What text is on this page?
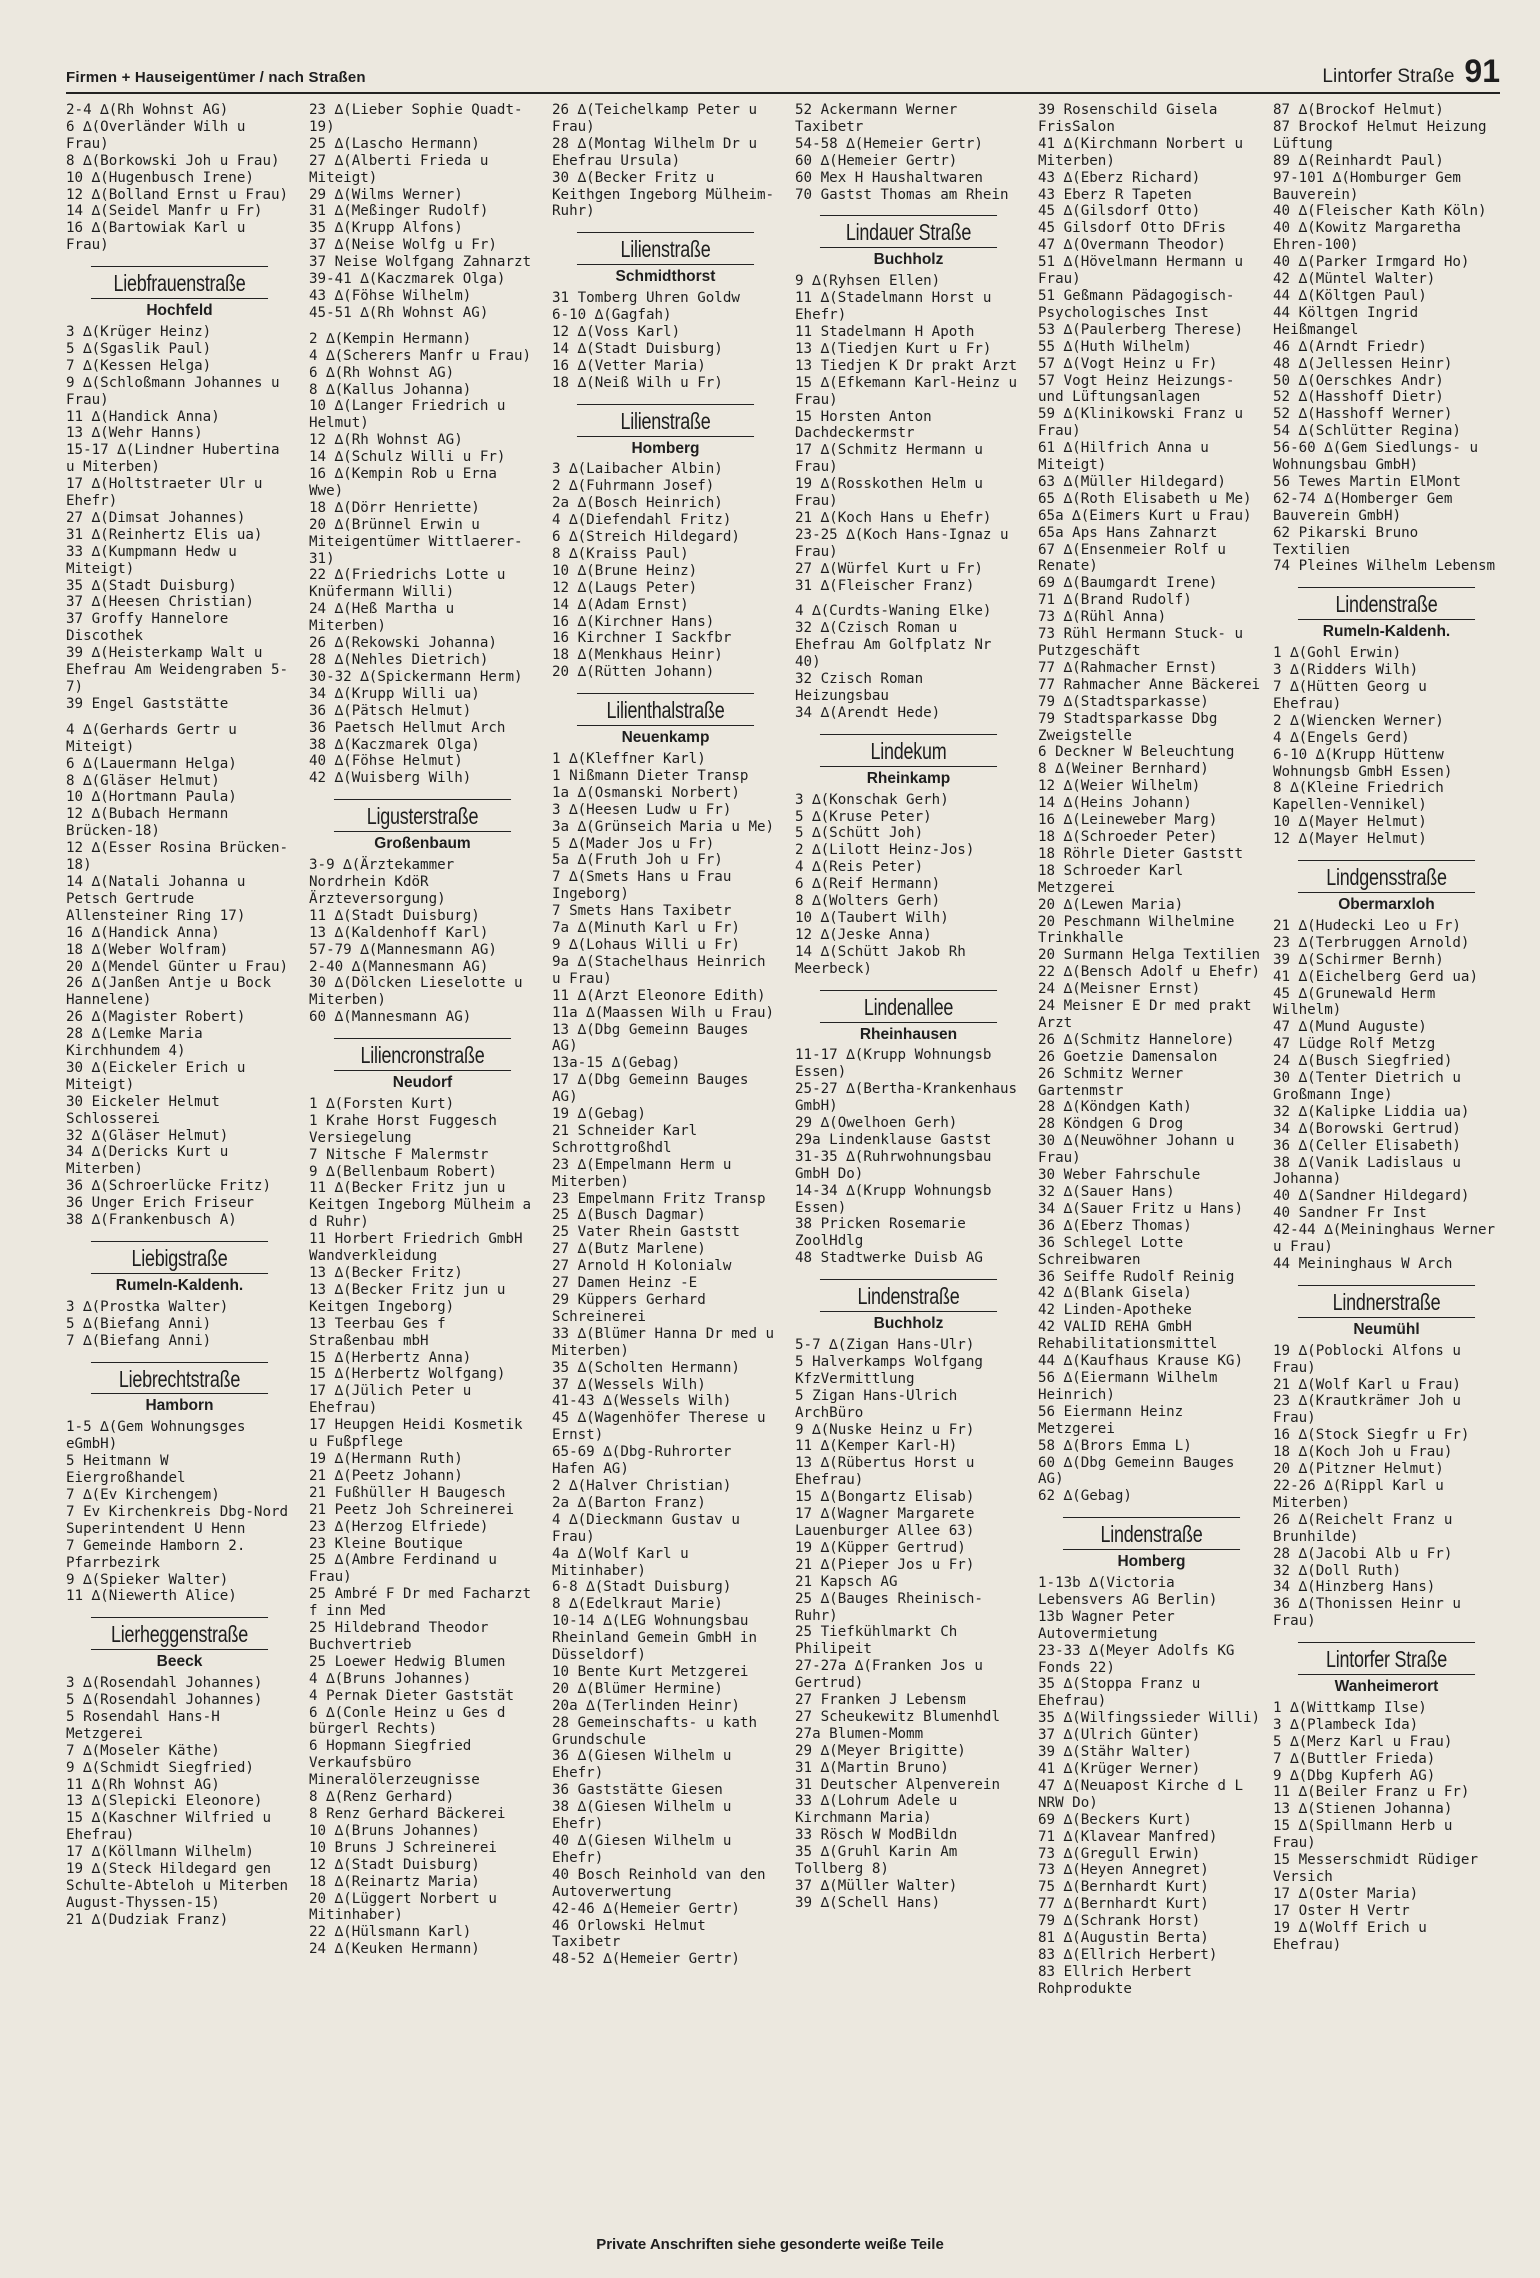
Firmen + Hauseigentümer / nach Straßen	Lintorfer Straße 91
2-4 ∆(Rh Wohnst AG)
6 ∆(Overländer Wilh u Frau)
8 ∆(Borkowski Joh u Frau)
10 ∆(Hugenbusch Irene)
12 ∆(Bolland Ernst u Frau)
14 ∆(Seidel Manfr u Fr)
16 ∆(Bartowiak Karl u Frau)
Liebfrauenstraße
Hochfeld
3 ∆(Krüger Heinz)
5 ∆(Sgaslik Paul)
7 ∆(Kessen Helga)
9 ∆(Schloßmann Johannes u Frau)
11 ∆(Handick Anna)
13 ∆(Wehr Hanns)
15-17 ∆(Lindner Hubertina u Miterben)
17 ∆(Holtstraeter Ulr u Ehefr)
27 ∆(Dimsat Johannes)
31 ∆(Reinhertz Elis ua)
33 ∆(Kumpmann Hedw u Miteigt)
35 ∆(Stadt Duisburg)
37 ∆(Heesen Christian)
37 Groffy Hannelore Discothek
39 ∆(Heisterkamp Walt u Ehefrau Am Weidengraben 5-7)
39 Engel Gaststätte
4 ∆(Gerhards Gertr u Miteigt)
6 ∆(Lauermann Helga)
8 ∆(Gläser Helmut)
10 ∆(Hortmann Paula)
12 ∆(Bubach Hermann Brücken-18)
12 ∆(Esser Rosina Brücken-18)
14 ∆(Natali Johanna u Petsch Gertrude Allensteiner Ring 17)
16 ∆(Handick Anna)
18 ∆(Weber Wolfram)
20 ∆(Mendel Günter u Frau)
26 ∆(Janßen Antje u Bock Hannelene)
26 ∆(Magister Robert)
28 ∆(Lemke Maria Kirchhundem 4)
30 ∆(Eickeler Erich u Miteigt)
30 Eickeler Helmut Schlosserei
32 ∆(Gläser Helmut)
34 ∆(Dericks Kurt u Miterben)
36 ∆(Schroerlücke Fritz)
36 Unger Erich Friseur
38 ∆(Frankenbusch A)
Liebigstraße
Rumeln-Kaldenh.
3 ∆(Prostka Walter)
5 ∆(Biefang Anni)
7 ∆(Biefang Anni)
Liebrechtstraße
Hamborn
1-5 ∆(Gem Wohnungsges eGmbH)
5 Heitmann W Eiergroßhandel
7 ∆(Ev Kirchengem)
7 Ev Kirchenkreis Dbg-Nord Superintendent U Henn
7 Gemeinde Hamborn 2. Pfarrbezirk
9 ∆(Spieker Walter)
11 ∆(Niewerth Alice)
Lierheggenstraße
Beeck
3 ∆(Rosendahl Johannes)
5 ∆(Rosendahl Johannes)
5 Rosendahl Hans-H Metzgerei
7 ∆(Moseler Käthe)
9 ∆(Schmidt Siegfried)
11 ∆(Rh Wohnst AG)
13 ∆(Slepicki Eleonore)
15 ∆(Kaschner Wilfried u Ehefrau)
17 ∆(Köllmann Wilhelm)
19 ∆(Steck Hildegard gen Schulte-Abteloh u Miterben August-Thyssen-15)
21 ∆(Dudziak Franz)
23 ∆(Lieber Sophie Quadt-19)
25 ∆(Lascho Hermann)
27 ∆(Alberti Frieda u Miteigt)
29 ∆(Wilms Werner)
31 ∆(Meßinger Rudolf)
35 ∆(Krupp Alfons)
37 ∆(Neise Wolfg u Fr)
37 Neise Wolfgang Zahnarzt
39-41 ∆(Kaczmarek Olga)
43 ∆(Föhse Wilhelm)
45-51 ∆(Rh Wohnst AG)
2 ∆(Kempin Hermann)
4 ∆(Scherers Manfr u Frau)
6 ∆(Rh Wohnst AG)
8 ∆(Kallus Johanna)
10 ∆(Langer Friedrich u Helmut)
12 ∆(Rh Wohnst AG)
14 ∆(Schulz Willi u Fr)
16 ∆(Kempin Rob u Erna Wwe)
18 ∆(Dörr Henriette)
20 ∆(Brünnel Erwin u Miteigentümer Wittlaerer-31)
22 ∆(Friedrichs Lotte u Knüfermann Willi)
24 ∆(Heß Martha u Miterben)
26 ∆(Rekowski Johanna)
28 ∆(Nehles Dietrich)
30-32 ∆(Spickermann Herm)
34 ∆(Krupp Willi ua)
36 ∆(Pätsch Helmut)
36 Paetsch Hellmut Arch
38 ∆(Kaczmarek Olga)
40 ∆(Föhse Helmut)
42 ∆(Wuisberg Wilh)
Ligusterstraße
Großenbaum
3-9 ∆(Ärztekammer Nordrhein KdöR Ärzteversorgung)
11 ∆(Stadt Duisburg)
13 ∆(Kaldenhoff Karl)
57-79 ∆(Mannesmann AG)
2-40 ∆(Mannesmann AG)
30 ∆(Dölcken Lieselotte u Miterben)
60 ∆(Mannesmann AG)
Liliencronstraße
Neudorf
1 ∆(Forsten Kurt)
1 Krahe Horst Fuggesch Versiegelung
7 Nitsche F Malermstr
9 ∆(Bellenbaum Robert)
11 ∆(Becker Fritz jun u Keitgen Ingeborg Mülheim a d Ruhr)
11 Horbert Friedrich GmbH Wandverkleidung
13 ∆(Becker Fritz)
13 ∆(Becker Fritz jun u Keitgen Ingeborg)
13 Teerbau Ges f Straßenbau mbH
15 ∆(Herbertz Anna)
15 ∆(Herbertz Wolfgang)
17 ∆(Jülich Peter u Ehefrau)
17 Heupgen Heidi Kosmetik u Fußpflege
19 ∆(Hermann Ruth)
21 ∆(Peetz Johann)
21 Fußhüller H Baugesch
21 Peetz Joh Schreinerei
23 ∆(Herzog Elfriede)
23 Kleine Boutique
25 ∆(Ambre Ferdinand u Frau)
25 Ambré F Dr med Facharzt f inn Med
25 Hildebrand Theodor Buchvertrieb
25 Loewer Hedwig Blumen
4 ∆(Bruns Johannes)
4 Pernak Dieter Gaststät
6 ∆(Conle Heinz u Ges d bürgerl Rechts)
6 Hopmann Siegfried Verkaufsbüro Mineralölerzeugnisse
8 ∆(Renz Gerhard)
8 Renz Gerhard Bäckerei
10 ∆(Bruns Johannes)
10 Bruns J Schreinerei
12 ∆(Stadt Duisburg)
18 ∆(Reinartz Maria)
20 ∆(Lüggert Norbert u Mitinhaber)
22 ∆(Hülsmann Karl)
24 ∆(Keuken Hermann)
26 ∆(Teichelkamp Peter u Frau)
28 ∆(Montag Wilhelm Dr u Ehefrau Ursula)
30 ∆(Becker Fritz u Keithgen Ingeborg Mülheim-Ruhr)
Lilienstraße
Schmidthorst
31 Tomberg Uhren Goldw
6-10 ∆(Gagfah)
12 ∆(Voss Karl)
14 ∆(Stadt Duisburg)
16 ∆(Vetter Maria)
18 ∆(Neiß Wilh u Fr)
Lilienstraße
Homberg
3 ∆(Laibacher Albin)
2 ∆(Fuhrmann Josef)
2a ∆(Bosch Heinrich)
4 ∆(Diefendahl Fritz)
6 ∆(Streich Hildegard)
8 ∆(Kraiss Paul)
10 ∆(Brune Heinz)
12 ∆(Laugs Peter)
14 ∆(Adam Ernst)
16 ∆(Kirchner Hans)
16 Kirchner I Sackfbr
18 ∆(Menkhaus Heinr)
20 ∆(Rütten Johann)
Lilienthalstraße
Neuenkamp
1 ∆(Kleffner Karl)
1 Nißmann Dieter Transp
1a ∆(Osmanski Norbert)
3 ∆(Heesen Ludw u Fr)
3a ∆(Grünseich Maria u Me)
5 ∆(Mader Jos u Fr)
5a ∆(Fruth Joh u Fr)
7 ∆(Smets Hans u Frau Ingeborg)
7 Smets Hans Taxibetr
7a ∆(Minuth Karl u Fr)
9 ∆(Lohaus Willi u Fr)
9a ∆(Stachelhaus Heinrich u Frau)
11 ∆(Arzt Eleonore Edith)
11a ∆(Maassen Wilh u Frau)
13 ∆(Dbg Gemeinn Bauges AG)
13a-15 ∆(Gebag)
17 ∆(Dbg Gemeinn Bauges AG)
19 ∆(Gebag)
21 Schneider Karl Schrottgroßhdl
23 ∆(Empelmann Herm u Miterben)
23 Empelmann Fritz Transp
25 ∆(Busch Dagmar)
25 Vater Rhein Gaststt
27 ∆(Butz Marlene)
27 Arnold H Kolonialw
27 Damen Heinz -E
29 Küppers Gerhard Schreinerei
33 ∆(Blümer Hanna Dr med u Miterben)
35 ∆(Scholten Hermann)
37 ∆(Wessels Wilh)
41-43 ∆(Wessels Wilh)
45 ∆(Wagenhöfer Therese u Ernst)
65-69 ∆(Dbg-Ruhrorter Hafen AG)
2 ∆(Halver Christian)
2a ∆(Barton Franz)
4 ∆(Dieckmann Gustav u Frau)
4a ∆(Wolf Karl u Mitinhaber)
6-8 ∆(Stadt Duisburg)
8 ∆(Edelkraut Marie)
10-14 ∆(LEG Wohnungsbau Rheinland Gemein GmbH in Düsseldorf)
10 Bente Kurt Metzgerei
20 ∆(Blümer Hermine)
20a ∆(Terlinden Heinr)
28 Gemeinschafts- u kath Grundschule
36 ∆(Giesen Wilhelm u Ehefr)
36 Gaststätte Giesen
38 ∆(Giesen Wilhelm u Ehefr)
40 ∆(Giesen Wilhelm u Ehefr)
40 Bosch Reinhold van den Autoverwertung
42-46 ∆(Hemeier Gertr)
46 Orlowski Helmut Taxibetr
48-52 ∆(Hemeier Gertr)
52 Ackermann Werner Taxibetr
54-58 ∆(Hemeier Gertr)
60 ∆(Hemeier Gertr)
60 Mex H Haushaltwaren
70 Gastst Thomas am Rhein
Lindauer Straße
Buchholz
9 ∆(Ryhsen Ellen)
11 ∆(Stadelmann Horst u Ehefr)
11 Stadelmann H Apoth
13 ∆(Tiedjen Kurt u Fr)
13 Tiedjen K Dr prakt Arzt
15 ∆(Efkemann Karl-Heinz u Frau)
15 Horsten Anton Dachdeckermstr
17 ∆(Schmitz Hermann u Frau)
19 ∆(Rosskothen Helm u Frau)
21 ∆(Koch Hans u Ehefr)
23-25 ∆(Koch Hans-Ignaz u Frau)
27 ∆(Würfel Kurt u Fr)
31 ∆(Fleischer Franz)
4 ∆(Curdts-Waning Elke)
32 ∆(Czisch Roman u Ehefrau Am Golfplatz Nr 40)
32 Czisch Roman Heizungsbau
34 ∆(Arendt Hede)
Lindekum
Rheinkamp
3 ∆(Konschak Gerh)
5 ∆(Kruse Peter)
5 ∆(Schütt Joh)
2 ∆(Lilott Heinz-Jos)
4 ∆(Reis Peter)
6 ∆(Reif Hermann)
8 ∆(Wolters Gerh)
10 ∆(Taubert Wilh)
12 ∆(Jeske Anna)
14 ∆(Schütt Jakob Rh Meerbeck)
Lindenallee
Rheinhausen
11-17 ∆(Krupp Wohnungsb Essen)
25-27 ∆(Bertha-Krankenhaus GmbH)
29 ∆(Owelhoen Gerh)
29a Lindenklause Gastst
31-35 ∆(Ruhrwohnungsbau GmbH Do)
14-34 ∆(Krupp Wohnungsb Essen)
38 Pricken Rosemarie ZoolHdlg
48 Stadtwerke Duisb AG
Lindenstraße
Buchholz
5-7 ∆(Zigan Hans-Ulr)
5 Halverkamps Wolfgang KfzVermittlung
5 Zigan Hans-Ulrich ArchBüro
9 ∆(Nuske Heinz u Fr)
11 ∆(Kemper Karl-H)
13 ∆(Rübertus Horst u Ehefrau)
15 ∆(Bongartz Elisab)
17 ∆(Wagner Margarete Lauenburger Allee 63)
19 ∆(Küpper Gertrud)
21 ∆(Pieper Jos u Fr)
21 Kapsch AG
25 ∆(Bauges Rheinisch-Ruhr)
25 Tiefkühlmarkt Ch Philipeit
27-27a ∆(Franken Jos u Gertrud)
27 Franken J Lebensm
27 Scheukewitz Blumenhdl
27a Blumen-Momm
29 ∆(Meyer Brigitte)
31 ∆(Martin Bruno)
31 Deutscher Alpenverein
33 ∆(Lohrum Adele u Kirchmann Maria)
33 Rösch W ModBildn
35 ∆(Gruhl Karin Am Tollberg 8)
37 ∆(Müller Walter)
39 ∆(Schell Hans)
39 Rosenschild Gisela FrisSalon
41 ∆(Kirchmann Norbert u Miterben)
43 ∆(Eberz Richard)
43 Eberz R Tapeten
45 ∆(Gilsdorf Otto)
45 Gilsdorf Otto DFris
47 ∆(Overmann Theodor)
51 ∆(Hövelmann Hermann u Frau)
51 Geßmann Pädagogisch-Psychologisches Inst
53 ∆(Paulerberg Therese)
55 ∆(Huth Wilhelm)
57 ∆(Vogt Heinz u Fr)
57 Vogt Heinz Heizungs- und Lüftungsanlagen
59 ∆(Klinikowski Franz u Frau)
61 ∆(Hilfrich Anna u Miteigt)
63 ∆(Müller Hildegard)
65 ∆(Roth Elisabeth u Me)
65a ∆(Eimers Kurt u Frau)
65a Aps Hans Zahnarzt
67 ∆(Ensenmeier Rolf u Renate)
69 ∆(Baumgardt Irene)
71 ∆(Brand Rudolf)
73 ∆(Rühl Anna)
73 Rühl Hermann Stuck- u Putzgeschäft
77 ∆(Rahmacher Ernst)
77 Rahmacher Anne Bäckerei
79 ∆(Stadtsparkasse)
79 Stadtsparkasse Dbg Zweigstelle
6 Deckner W Beleuchtung
8 ∆(Weiner Bernhard)
12 ∆(Weier Wilhelm)
14 ∆(Heins Johann)
16 ∆(Leineweber Marg)
18 ∆(Schroeder Peter)
18 Röhrle Dieter Gaststt
18 Schroeder Karl Metzgerei
20 ∆(Lewen Maria)
20 Peschmann Wilhelmine Trinkhalle
20 Surmann Helga Textilien
22 ∆(Bensch Adolf u Ehefr)
24 ∆(Meisner Ernst)
24 Meisner E Dr med prakt Arzt
26 ∆(Schmitz Hannelore)
26 Goetzie Damensalon
26 Schmitz Werner Gartenmstr
28 ∆(Köndgen Kath)
28 Köndgen G Drog
30 ∆(Neuwöhner Johann u Frau)
30 Weber Fahrschule
32 ∆(Sauer Hans)
34 ∆(Sauer Fritz u Hans)
36 ∆(Eberz Thomas)
36 Schlegel Lotte Schreibwaren
36 Seiffe Rudolf Reinig
42 ∆(Blank Gisela)
42 Linden-Apotheke
42 VALID REHA GmbH Rehabilitationsmittel
44 ∆(Kaufhaus Krause KG)
56 ∆(Eiermann Wilhelm Heinrich)
56 Eiermann Heinz Metzgerei
58 ∆(Brors Emma L)
60 ∆(Dbg Gemeinn Bauges AG)
62 ∆(Gebag)
Lindenstraße
Homberg
1-13b ∆(Victoria Lebensvers AG Berlin)
13b Wagner Peter Autovermietung
23-33 ∆(Meyer Adolfs KG Fonds 22)
35 ∆(Stoppa Franz u Ehefrau)
35 ∆(Wilfingssieder Willi)
37 ∆(Ulrich Günter)
39 ∆(Stähr Walter)
41 ∆(Krüger Werner)
47 ∆(Neuapost Kirche d L NRW Do)
69 ∆(Beckers Kurt)
71 ∆(Klavear Manfred)
73 ∆(Gregull Erwin)
73 ∆(Heyen Annegret)
75 ∆(Bernhardt Kurt)
77 ∆(Bernhardt Kurt)
79 ∆(Schrank Horst)
81 ∆(Augustin Berta)
83 ∆(Ellrich Herbert)
83 Ellrich Herbert Rohprodukte
87 ∆(Brockof Helmut)
87 Brockof Helmut Heizung Lüftung
89 ∆(Reinhardt Paul)
97-101 ∆(Homburger Gem Bauverein)
40 ∆(Fleischer Kath Köln)
40 ∆(Kowitz Margaretha Ehren-100)
40 ∆(Parker Irmgard Ho)
42 ∆(Müntel Walter)
44 ∆(Költgen Paul)
44 Költgen Ingrid Heißmangel
46 ∆(Arndt Friedr)
48 ∆(Jellessen Heinr)
50 ∆(Oerschkes Andr)
52 ∆(Hasshoff Dietr)
52 ∆(Hasshoff Werner)
54 ∆(Schlütter Regina)
56-60 ∆(Gem Siedlungs- u Wohnungsbau GmbH)
56 Tewes Martin ElMont
62-74 ∆(Homberger Gem Bauverein GmbH)
62 Pikarski Bruno Textilien
74 Pleines Wilhelm Lebensm
Lindenstraße
Rumeln-Kaldenh.
1 ∆(Gohl Erwin)
3 ∆(Ridders Wilh)
7 ∆(Hütten Georg u Ehefrau)
2 ∆(Wiencken Werner)
4 ∆(Engels Gerd)
6-10 ∆(Krupp Hüttenw Wohnungsb GmbH Essen)
8 ∆(Kleine Friedrich Kapellen-Vennikel)
10 ∆(Mayer Helmut)
12 ∆(Mayer Helmut)
Lindgensstraße
Obermarxloh
21 ∆(Hudecki Leo u Fr)
23 ∆(Terbruggen Arnold)
39 ∆(Schirmer Bernh)
41 ∆(Eichelberg Gerd ua)
45 ∆(Grunewald Herm Wilhelm)
47 ∆(Mund Auguste)
47 Lüdge Rolf Metzg
24 ∆(Busch Siegfried)
30 ∆(Tenter Dietrich u Großmann Inge)
32 ∆(Kalipke Liddia ua)
34 ∆(Borowski Gertrud)
36 ∆(Celler Elisabeth)
38 ∆(Vanik Ladislaus u Johanna)
40 ∆(Sandner Hildegard)
40 Sandner Fr Inst
42-44 ∆(Meininghaus Werner u Frau)
44 Meininghaus W Arch
Lindnerstraße
Neumühl
19 ∆(Poblocki Alfons u Frau)
21 ∆(Wolf Karl u Frau)
23 ∆(Krautkrämer Joh u Frau)
16 ∆(Stock Siegfr u Fr)
18 ∆(Koch Joh u Frau)
20 ∆(Pitzner Helmut)
22-26 ∆(Rippl Karl u Miterben)
26 ∆(Reichelt Franz u Brunhilde)
28 ∆(Jacobi Alb u Fr)
32 ∆(Doll Ruth)
34 ∆(Hinzberg Hans)
36 ∆(Thonissen Heinr u Frau)
Lintorfer Straße
Wanheimerort
1 ∆(Wittkamp Ilse)
3 ∆(Plambeck Ida)
5 ∆(Merz Karl u Frau)
7 ∆(Buttler Frieda)
9 ∆(Dbg Kupferh AG)
11 ∆(Beiler Franz u Fr)
13 ∆(Stienen Johanna)
15 ∆(Spillmann Herb u Frau)
15 Messerschmidt Rüdiger Versich
17 ∆(Oster Maria)
17 Oster H Vertr
19 ∆(Wolff Erich u Ehefrau)
Private Anschriften siehe gesonderte weiße Teile
